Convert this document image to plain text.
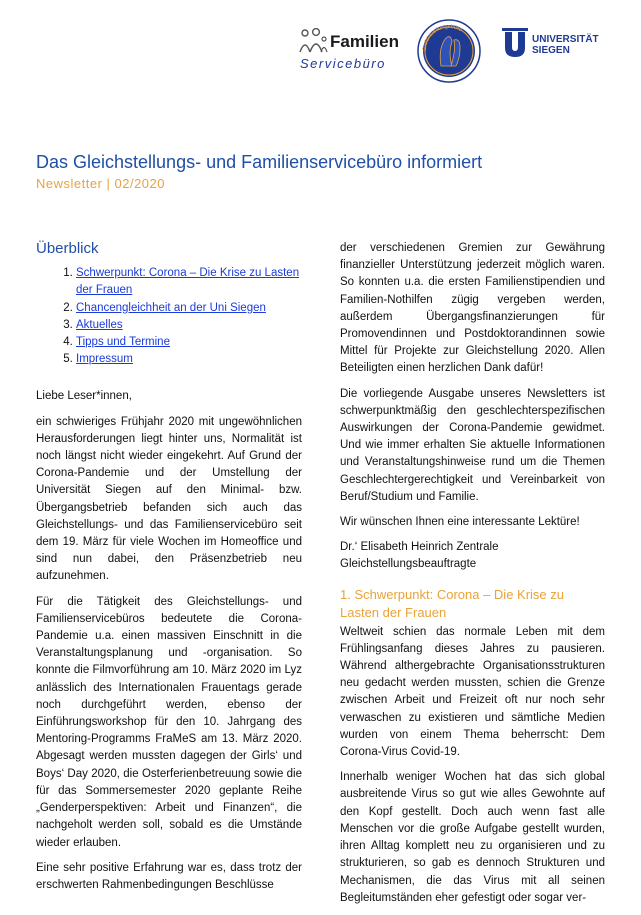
Familien
Servicebüro
Gleichstellungsbüro
UNIVERSITÄT
SIEGEN
Das Gleichstellungs- und Familienservicebüro informiert
Newsletter | 02/2020
Überblick
1. Schwerpunkt: Corona – Die Krise zu Lasten der Frauen
2. Chancengleichheit an der Uni Siegen
3. Aktuelles
4. Tipps und Termine
5. Impressum

Liebe Leser*innen,

ein schwieriges Frühjahr 2020 mit ungewöhnlichen Herausforderungen liegt hinter uns, Normalität ist noch längst nicht wieder eingekehrt. Auf Grund der Corona-Pandemie und der Umstellung der Universität Siegen auf den Minimal- bzw. Übergangsbetrieb befanden sich auch das Gleichstellungs- und das Familienservicebüro seit dem 19. März für viele Wochen im Homeoffice und sind nun dabei, den Präsenzbetrieb neu aufzunehmen.

Für die Tätigkeit des Gleichstellungs- und Familienservicebüros bedeutete die Corona-Pandemie u.a. einen massiven Einschnitt in die Veranstaltungsplanung und -organisation. So konnte die Filmvorführung am 10. März 2020 im Lyz anlässlich des Internationalen Frauentags gerade noch durchgeführt werden, ebenso der Einführungsworkshop für den 10. Jahrgang des Mentoring-Programms FraMeS am 13. März 2020. Abgesagt werden mussten dagegen der Girls‘ und Boys‘ Day 2020, die Osterferienbetreuung sowie die für das Sommersemester 2020 geplante Reihe „Genderperspektiven: Arbeit und Finanzen“, die nachgeholt werden soll, sobald es die Umstände wieder erlauben.

Eine sehr positive Erfahrung war es, dass trotz der erschwerten Rahmenbedingungen Beschlüsse

der verschiedenen Gremien zur Gewährung finanzieller Unterstützung jederzeit möglich waren. So konnten u.a. die ersten Familienstipendien und Familien-Nothilfen zügig vergeben werden, außerdem Übergangsfinanzierungen für Promovendinnen und Postdoktorandinnen sowie Mittel für Projekte zur Gleichstellung 2020. Allen Beteiligten einen herzlichen Dank dafür!

Die vorliegende Ausgabe unseres Newsletters ist schwerpunktmäßig den geschlechterspezifischen Auswirkungen der Corona-Pandemie gewidmet. Und wie immer erhalten Sie aktuelle Informationen und Veranstaltungshinweise rund um die Themen Geschlechtergerechtigkeit und Vereinbarkeit von Beruf/Studium und Familie.

Wir wünschen Ihnen eine interessante Lektüre!

Dr.‘ Elisabeth Heinrich Zentrale Gleichstellungsbeauftragte

1. Schwerpunkt: Corona – Die Krise zu Lasten der Frauen

Weltweit schien das normale Leben mit dem Frühlingsanfang dieses Jahres zu pausieren. Während althergebrachte Organisationsstrukturen neu gedacht werden mussten, schien die Grenze zwischen Arbeit und Freizeit oft nur noch sehr verwaschen zu existieren und sämtliche Medien wurden von einem Thema beherrscht: Dem Corona-Virus Covid-19.

Innerhalb weniger Wochen hat das sich global ausbreitende Virus so gut wie alles Gewohnte auf den Kopf gestellt. Doch auch wenn fast alle Menschen vor die große Aufgabe gestellt wurden, ihren Alltag komplett neu zu organisieren und zu strukturieren, so gab es dennoch Strukturen und Mechanismen, die das Virus mit all seinen Begleitumständen eher gefestigt oder sogar ver-
